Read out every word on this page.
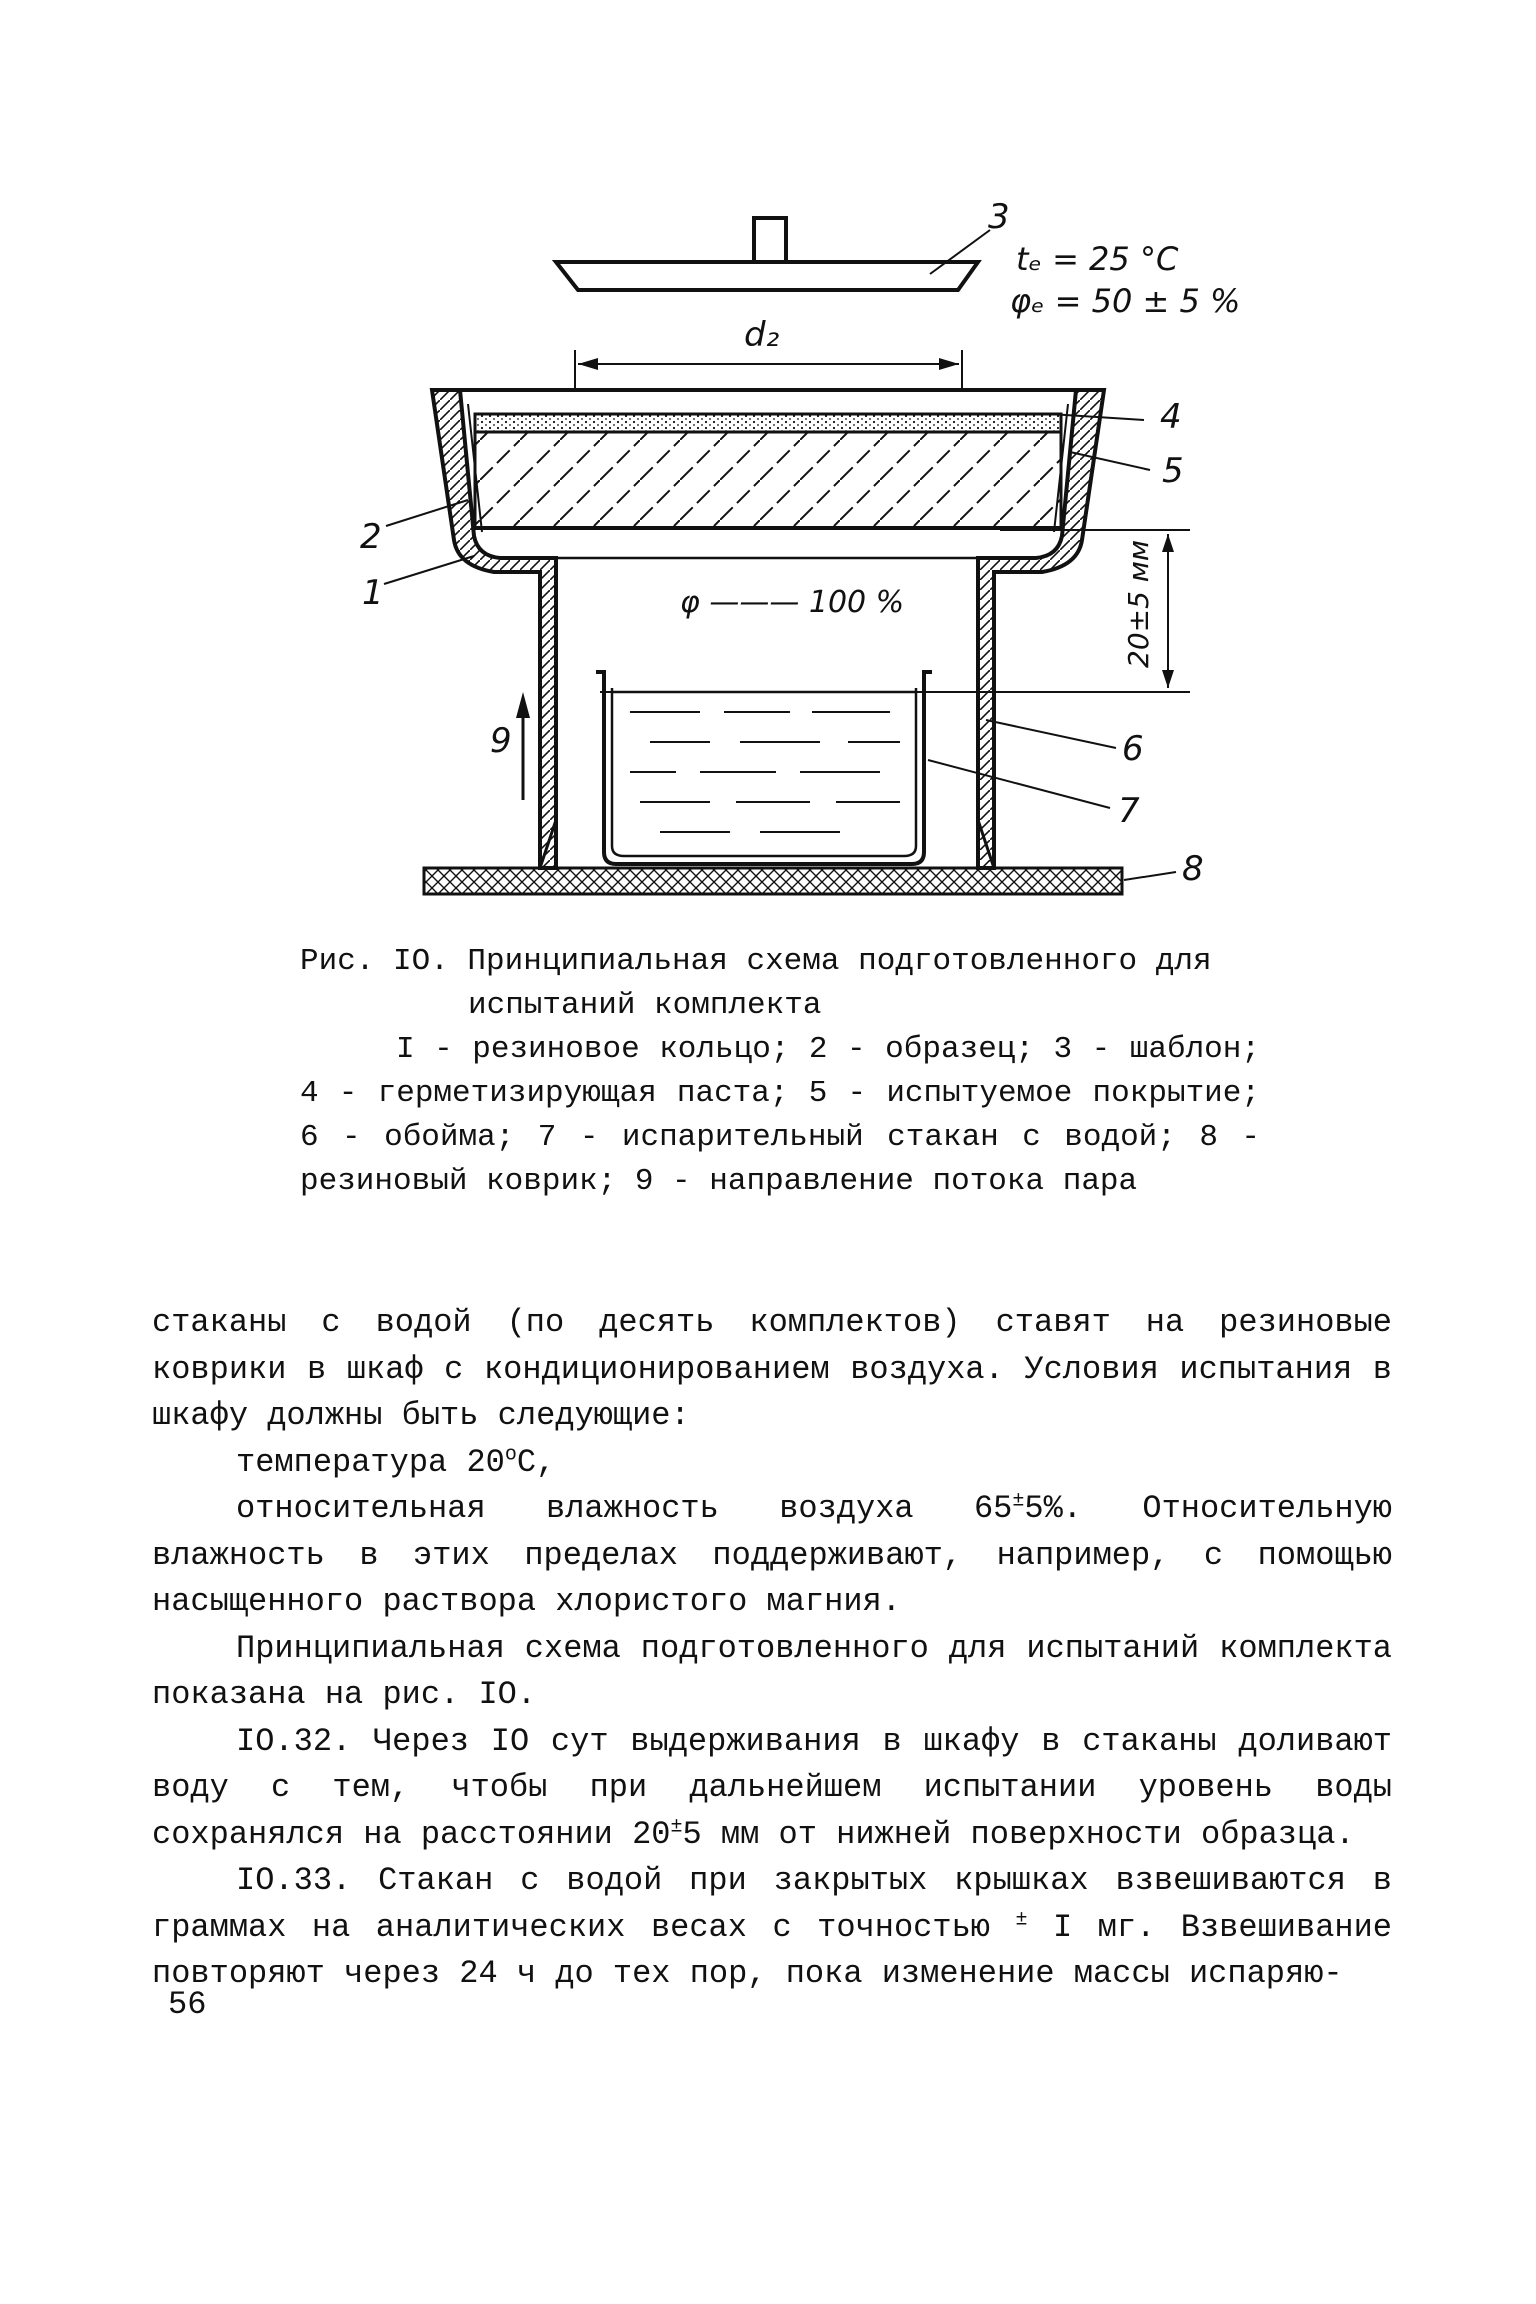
3
4
5
2
1
9	6
7
8
d₂
tₑ = 25 °C
φₑ = 50 ± 5 %
φ ——— 100 %	20±5 мм

Рис. IO. Принципиальная схема подготовленного для

испытаний комплекта

I - резиновое кольцо; 2 - образец; 3 - шаблон; 4 - герметизирующая паста; 5 - испытуемое покрытие; 6 - обойма; 7 - испарительный стакан с водой; 8 - резиновый коврик; 9 - направление потока пара

стаканы с водой (по десять комплектов) ставят на резиновые коврики в шкаф с кондиционированием воздуха. Условия испытания в шкафу должны быть следующие:

температура 20$^o$C,

относительная влажность воздуха 65±5%. Относительную влажность в этих пределах поддерживают, например, с помощью насыщенного раствора хлористого магния.

Принципиальная схема подготовленного для испытаний комплекта показана на рис. IO.

IO.32. Через IO сут выдерживания в шкафу в стаканы доливают воду с тем, чтобы при дальнейшем испытании уровень воды сохранялся на расстоянии 20±5 мм от нижней поверхности образца.

IO.33. Стакан с водой при закрытых крышках взвешиваются в граммах на аналитических весах с точностью ± I мг. Взвешивание повторяют через 24 ч до тех пор, пока изменение массы испаряю-

56
